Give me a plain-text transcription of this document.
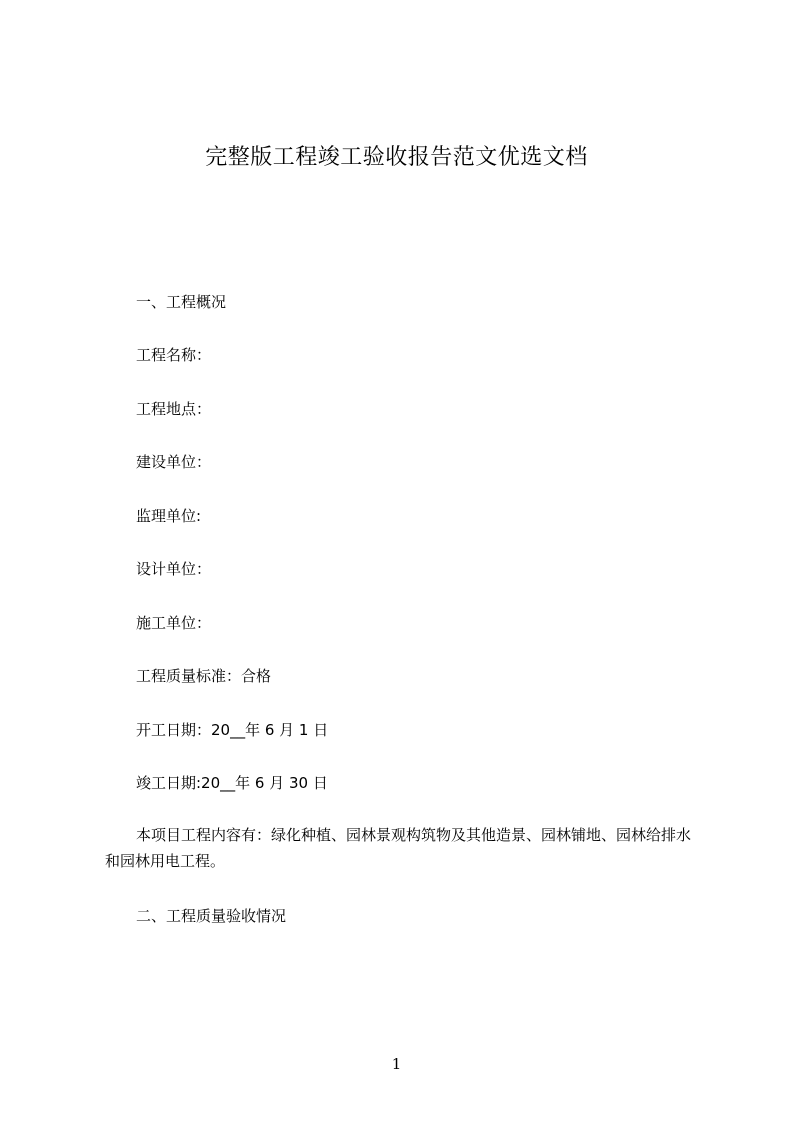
完整版工程竣工验收报告范文优选文档
一、工程概况
工程名称：
工程地点：
建设单位：
监理单位:
设计单位：
施工单位：
工程质量标准：合格
开工日期：20__年 6 月 1 日
竣工日期:20__年 6 月 30 日
本项目工程内容有：绿化种植、园林景观构筑物及其他造景、园林铺地、园林给排水和园林用电工程。
二、工程质量验收情况
1
